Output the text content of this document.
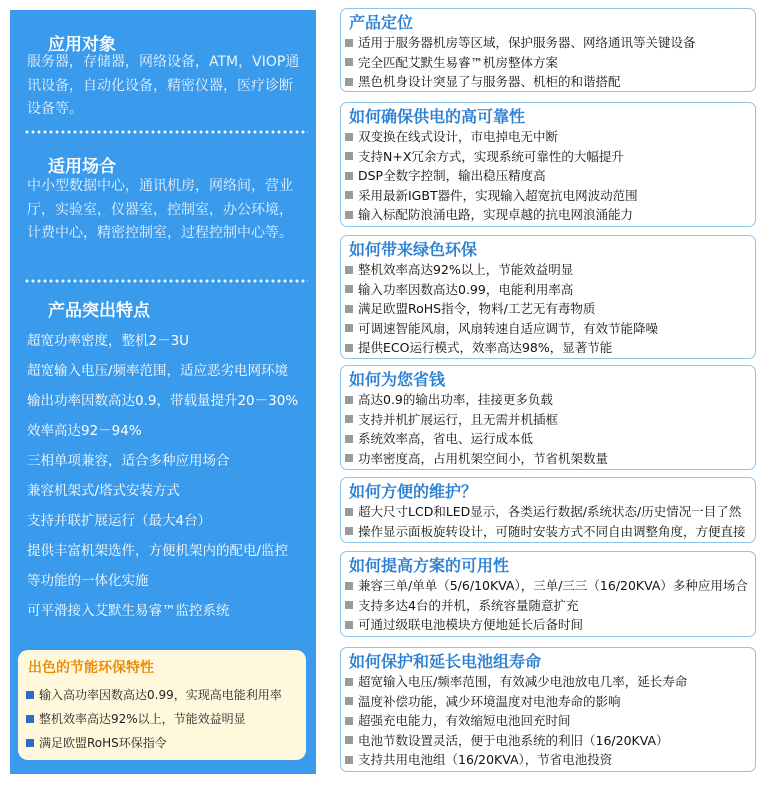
应用对象
服务器，存储器，网络设备，ATM，VIOP通讯设备，自动化设备，精密仪器，医疗诊断设备等。
适用场合
中小型数据中心，通讯机房，网络间，营业厅，实验室，仪器室，控制室，办公环境，计费中心，精密控制室，过程控制中心等。
产品突出特点
超宽功率密度，整机2－3U
超宽输入电压/频率范围，适应恶劣电网环境
输出功率因数高达0.9，带载量提升20－30%
效率高达92－94%
三相单项兼容，适合多种应用场合
兼容机架式/塔式安装方式
支持并联扩展运行（最大4台）
提供丰富机架选件，方便机架内的配电/监控
等功能的一体化实施
可平滑接入艾默生易睿™监控系统
出色的节能环保特性
输入高功率因数高达0.99，实现高电能利用率
整机效率高达92%以上，节能效益明显
满足欧盟RoHS环保指令
产品定位
适用于服务器机房等区域，保护服务器、网络通讯等关键设备
完全匹配艾默生易睿™机房整体方案
黑色机身设计突显了与服务器、机柜的和谐搭配
如何确保供电的高可靠性
双变换在线式设计，市电掉电无中断
支持N+X冗余方式，实现系统可靠性的大幅提升
DSP全数字控制，输出稳压精度高
采用最新IGBT器件，实现输入超宽抗电网波动范围
输入标配防浪涌电路，实现卓越的抗电网浪涌能力
如何带来绿色环保
整机效率高达92%以上，节能效益明显
输入功率因数高达0.99，电能利用率高
满足欧盟RoHS指令，物料/工艺无有毒物质
可调速智能风扇，风扇转速自适应调节，有效节能降噪
提供ECO运行模式，效率高达98%，显著节能
如何为您省钱
高达0.9的输出功率，挂接更多负载
支持并机扩展运行，且无需并机插框
系统效率高，省电、运行成本低
功率密度高，占用机架空间小，节省机架数量
如何方便的维护？
超大尺寸LCD和LED显示，各类运行数据/系统状态/历史情况一目了然
操作显示面板旋转设计，可随时安装方式不同自由调整角度，方便直接
如何提高方案的可用性
兼容三单/单单（5/6/10KVA），三单/三三（16/20KVA）多种应用场合
支持多达4台的并机，系统容量随意扩充
可通过级联电池模块方便地延长后备时间
如何保护和延长电池组寿命
超宽输入电压/频率范围，有效减少电池放电几率，延长寿命
温度补偿功能，减少环境温度对电池寿命的影响
超强充电能力，有效缩短电池回充时间
电池节数设置灵活，便于电池系统的利旧（16/20KVA）
支持共用电池组（16/20KVA），节省电池投资
